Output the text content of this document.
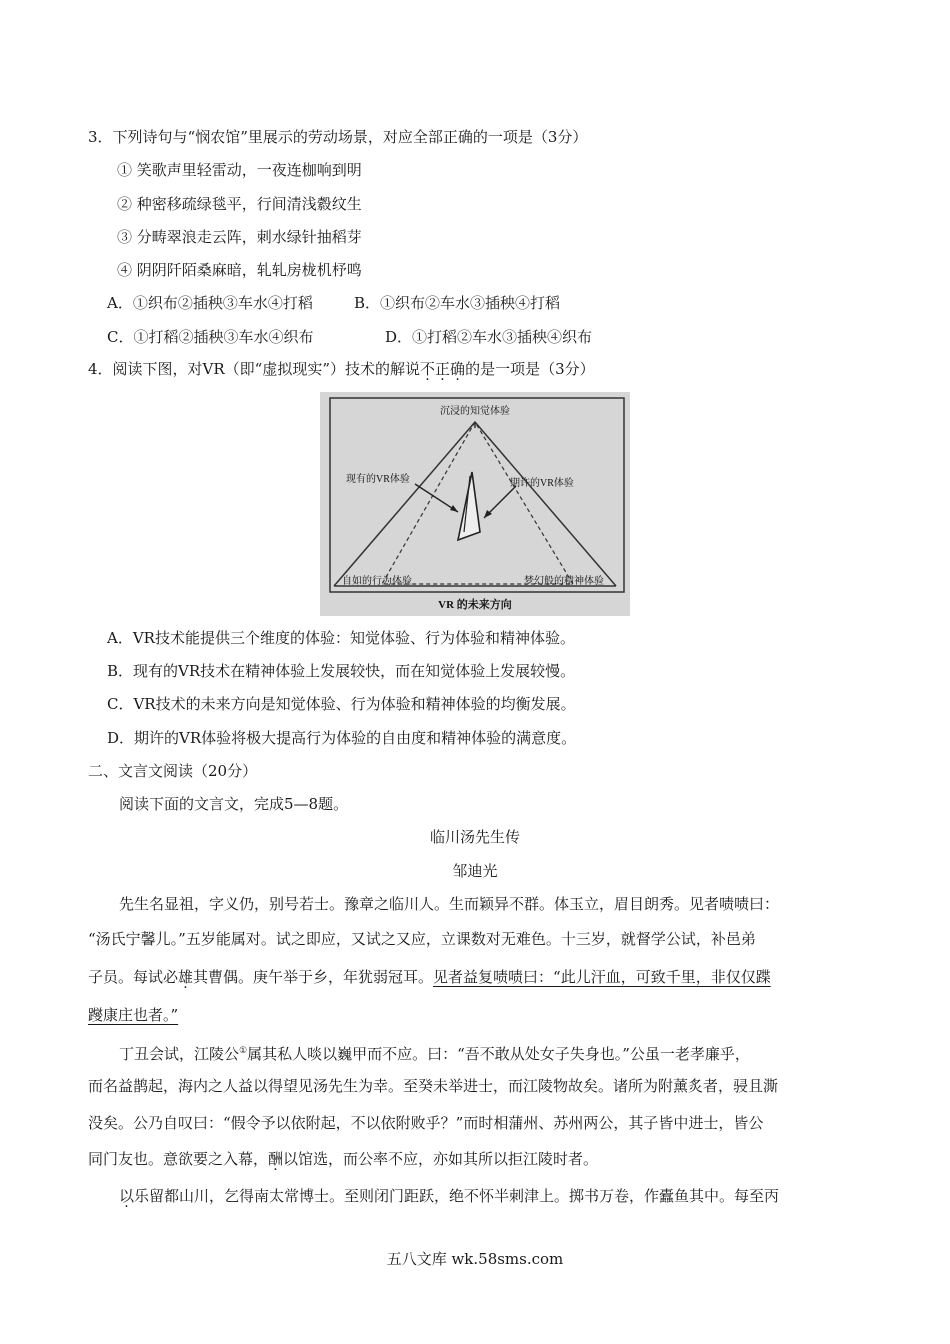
3．下列诗句与“悯农馆”里展示的劳动场景，对应全部正确的一项是（3分）
① 笑歌声里轻雷动，一夜连枷响到明
② 种密移疏绿毯平，行间清浅縠纹生
③ 分畴翠浪走云阵，刺水绿针抽稻芽
④ 阴阴阡陌桑麻暗，轧轧房栊机杼鸣
A．①织布②插秧③车水④打稻	B．①织布②车水③插秧④打稻
C．①打稻②插秧③车水④织布	D．①打稻②车水③插秧④织布
4．阅读下图，对VR（即“虚拟现实”）技术的解说不正确的是一项是（3分）
沉浸的知觉体验
现有的VR体验	期许的VR体验
自如的行为体验	梦幻般的精神体验
VR 的未来方向
A．VR技术能提供三个维度的体验：知觉体验、行为体验和精神体验。
B．现有的VR技术在精神体验上发展较快，而在知觉体验上发展较慢。
C．VR技术的未来方向是知觉体验、行为体验和精神体验的均衡发展。
D．期许的VR体验将极大提高行为体验的自由度和精神体验的满意度。
二、文言文阅读（20分）
阅读下面的文言文，完成5—8题。
临川汤先生传
邹迪光
先生名显祖，字义仍，别号若士。豫章之临川人。生而颖异不群。体玉立，眉目朗秀。见者啧啧曰：
“汤氏宁馨儿。”五岁能属对。试之即应，又试之又应，立课数对无难色。十三岁，就督学公试，补邑弟
子员。每试必雄其曹偶。庚午举于乡，年犹弱冠耳。见者益复啧啧曰：“此儿汗血，可致千里，非仅仅蹀
躞康庄也者。”
丁丑会试，江陵公①属其私人啖以巍甲而不应。曰：“吾不敢从处女子失身也。”公虽一老孝廉乎，
而名益鹊起，海内之人益以得望见汤先生为幸。至癸未举进士，而江陵物故矣。诸所为附薰炙者，骎且澌
没矣。公乃自叹曰：“假令予以依附起，不以依附败乎？”而时相蒲州、苏州两公，其子皆中进士，皆公
同门友也。意欲要之入幕，酬以馆选，而公率不应，亦如其所以拒江陵时者。
以乐留都山川，乞得南太常博士。至则闭门距跃，绝不怀半刺津上。掷书万卷，作蠹鱼其中。每至丙
五八文库 wk.58sms.com
